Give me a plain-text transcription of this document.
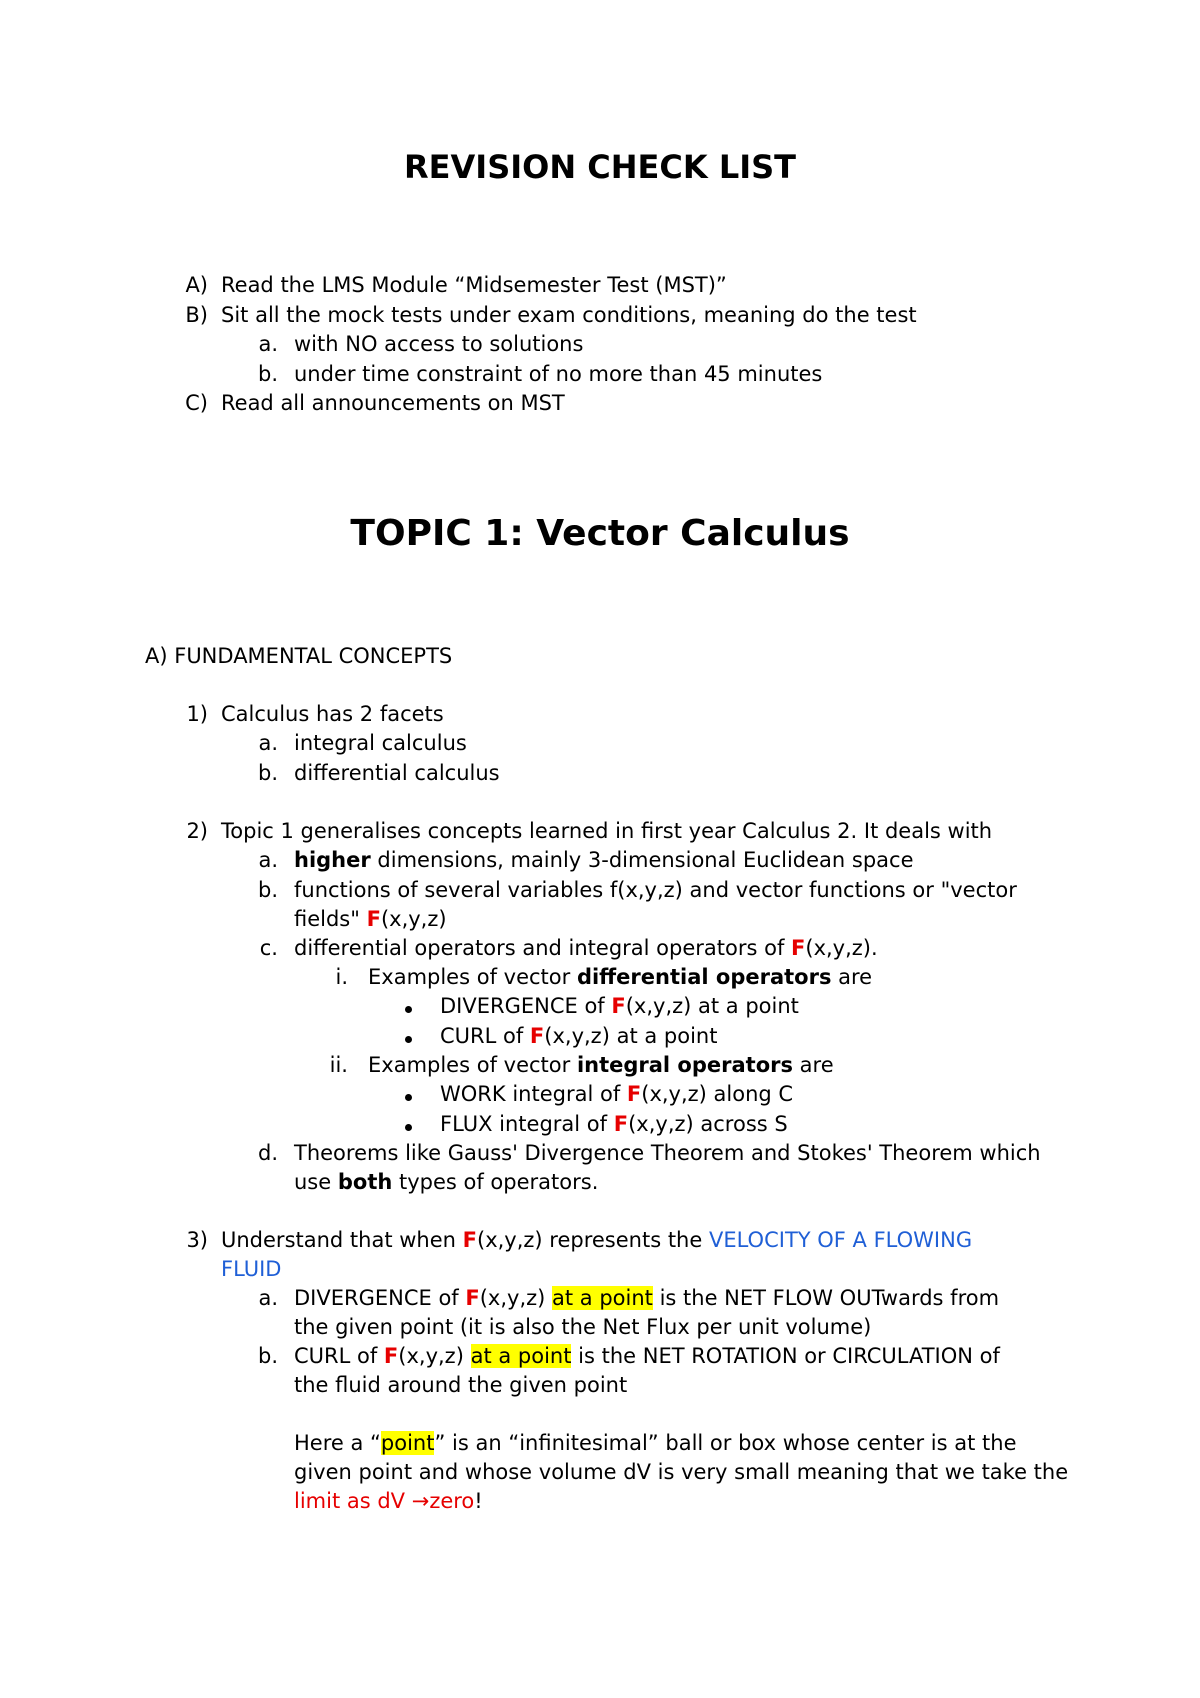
REVISION CHECK LIST
A) Read the LMS Module “Midsemester Test (MST)”
B) Sit all the mock tests under exam conditions, meaning do the test
a. with NO access to solutions
b. under time constraint of no more than 45 minutes
C) Read all announcements on MST
TOPIC 1: Vector Calculus
A) FUNDAMENTAL CONCEPTS
1) Calculus has 2 facets
a. integral calculus
b. differential calculus
2) Topic 1 generalises concepts learned in first year Calculus 2. It deals with
a. higher dimensions, mainly 3-dimensional Euclidean space
b. functions of several variables f(x,y,z) and vector functions or "vector
fields" F(x,y,z)
c. differential operators and integral operators of F(x,y,z).
i. Examples of vector differential operators are
DIVERGENCE of F(x,y,z) at a point
CURL of F(x,y,z) at a point
ii. Examples of vector integral operators are
WORK integral of F(x,y,z) along C
FLUX integral of F(x,y,z) across S
d. Theorems like Gauss' Divergence Theorem and Stokes' Theorem which
use both types of operators.
3) Understand that when F(x,y,z) represents the VELOCITY OF A FLOWING
FLUID
a. DIVERGENCE of F(x,y,z) at a point is the NET FLOW OUTwards from
the given point (it is also the Net Flux per unit volume)
b. CURL of F(x,y,z) at a point is the NET ROTATION or CIRCULATION of
the fluid around the given point
Here a “point” is an “infinitesimal” ball or box whose center is at the
given point and whose volume dV is very small meaning that we take the
limit as dV →zero!
